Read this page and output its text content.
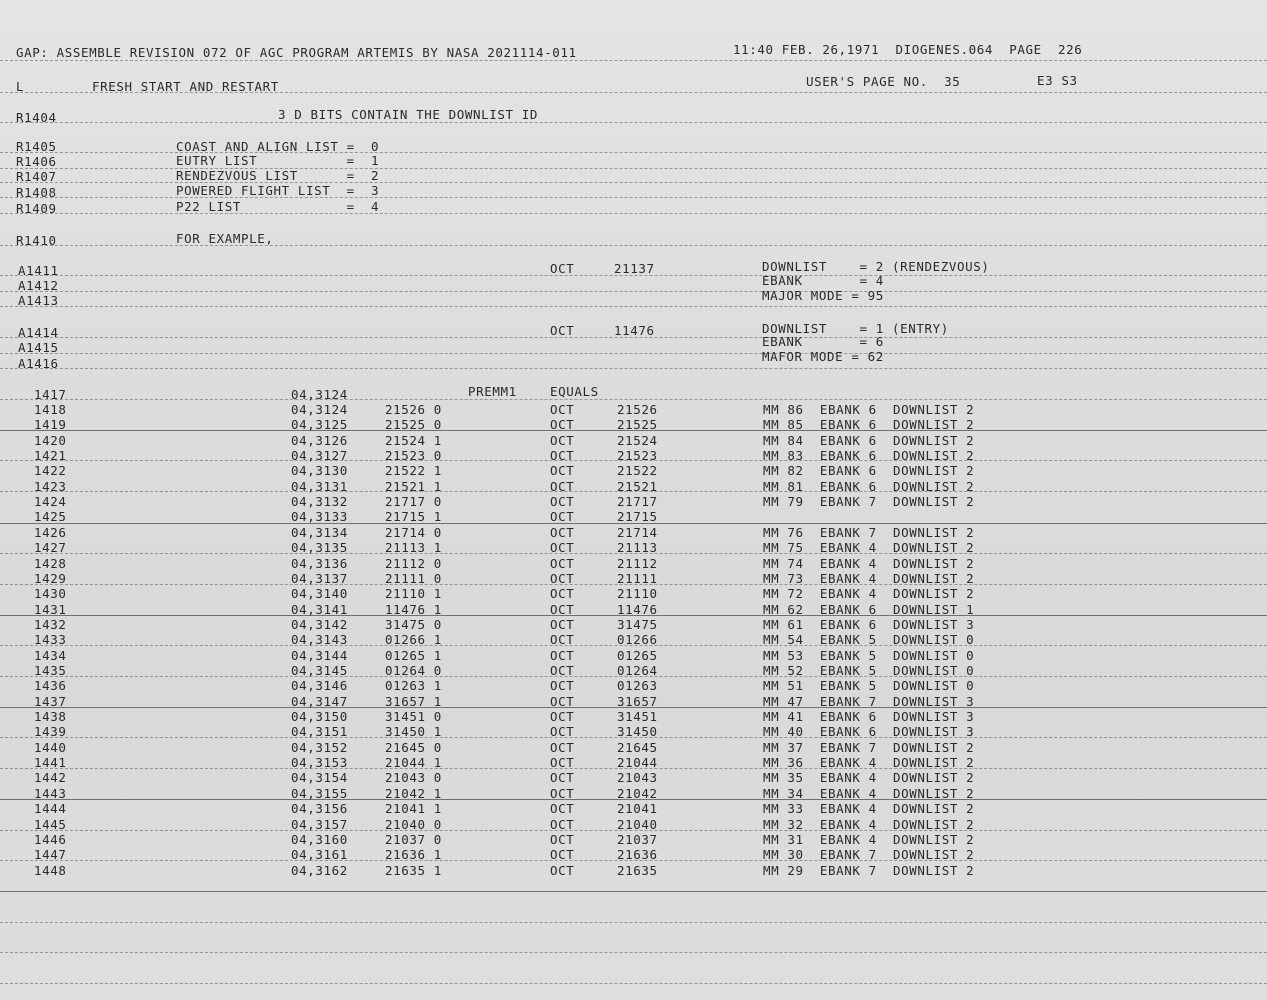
GAP: ASSEMBLE REVISION 072 OF AGC PROGRAM ARTEMIS BY NASA 2021114-011	11:40 FEB. 26,1971  DIOGENES.064  PAGE  226
L	FRESH START AND RESTART	USER'S PAGE NO.  35	E3 S3
R1404	3 D BITS CONTAIN THE DOWNLIST ID
R1405	COAST AND ALIGN LIST =  0
R1406	EUTRY LIST           =  1
R1407	RENDEZVOUS LIST      =  2
R1408	POWERED FLIGHT LIST  =  3
R1409	P22 LIST             =  4
R1410	FOR EXAMPLE,
A1411	OCT	21137	DOWNLIST    = 2 (RENDEZVOUS)
A1412	EBANK       = 4
A1413	MAJOR MODE = 95
A1414	OCT	11476	DOWNLIST    = 1 (ENTRY)
A1415	EBANK       = 6
A1416	MAFOR MODE = 62
1417	04,3124	PREMM1	EQUALS
1418	04,3124	21526 0	OCT	21526	MM 86  EBANK 6  DOWNLIST 2
1419	04,3125	21525 0	OCT	21525	MM 85  EBANK 6  DOWNLIST 2
1420	04,3126	21524 1	OCT	21524	MM 84  EBANK 6  DOWNLIST 2
1421	04,3127	21523 0	OCT	21523	MM 83  EBANK 6  DOWNLIST 2
1422	04,3130	21522 1	OCT	21522	MM 82  EBANK 6  DOWNLIST 2
1423	04,3131	21521 1	OCT	21521	MM 81  EBANK 6  DOWNLIST 2
1424	04,3132	21717 0	OCT	21717	MM 79  EBANK 7  DOWNLIST 2
1425	04,3133	21715 1	OCT	21715
1426	04,3134	21714 0	OCT	21714	MM 76  EBANK 7  DOWNLIST 2
1427	04,3135	21113 1	OCT	21113	MM 75  EBANK 4  DOWNLIST 2
1428	04,3136	21112 0	OCT	21112	MM 74  EBANK 4  DOWNLIST 2
1429	04,3137	21111 0	OCT	21111	MM 73  EBANK 4  DOWNLIST 2
1430	04,3140	21110 1	OCT	21110	MM 72  EBANK 4  DOWNLIST 2
1431	04,3141	11476 1	OCT	11476	MM 62  EBANK 6  DOWNLIST 1
1432	04,3142	31475 0	OCT	31475	MM 61  EBANK 6  DOWNLIST 3
1433	04,3143	01266 1	OCT	01266	MM 54  EBANK 5  DOWNLIST 0
1434	04,3144	01265 1	OCT	01265	MM 53  EBANK 5  DOWNLIST 0
1435	04,3145	01264 0	OCT	01264	MM 52  EBANK 5  DOWNLIST 0
1436	04,3146	01263 1	OCT	01263	MM 51  EBANK 5  DOWNLIST 0
1437	04,3147	31657 1	OCT	31657	MM 47  EBANK 7  DOWNLIST 3
1438	04,3150	31451 0	OCT	31451	MM 41  EBANK 6  DOWNLIST 3
1439	04,3151	31450 1	OCT	31450	MM 40  EBANK 6  DOWNLIST 3
1440	04,3152	21645 0	OCT	21645	MM 37  EBANK 7  DOWNLIST 2
1441	04,3153	21044 1	OCT	21044	MM 36  EBANK 4  DOWNLIST 2
1442	04,3154	21043 0	OCT	21043	MM 35  EBANK 4  DOWNLIST 2
1443	04,3155	21042 1	OCT	21042	MM 34  EBANK 4  DOWNLIST 2
1444	04,3156	21041 1	OCT	21041	MM 33  EBANK 4  DOWNLIST 2
1445	04,3157	21040 0	OCT	21040	MM 32  EBANK 4  DOWNLIST 2
1446	04,3160	21037 0	OCT	21037	MM 31  EBANK 4  DOWNLIST 2
1447	04,3161	21636 1	OCT	21636	MM 30  EBANK 7  DOWNLIST 2
1448	04,3162	21635 1	OCT	21635	MM 29  EBANK 7  DOWNLIST 2
